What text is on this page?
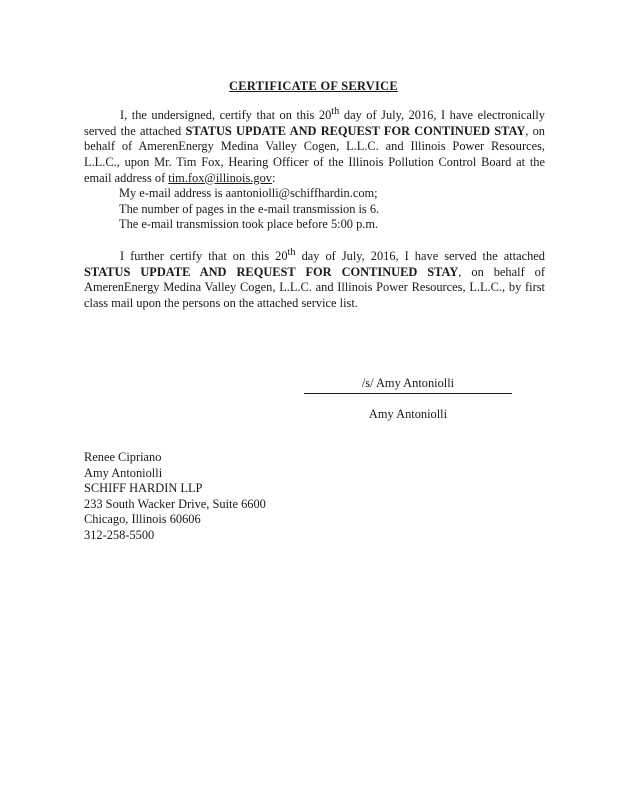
CERTIFICATE OF SERVICE

I, the undersigned, certify that on this 20th day of July, 2016, I have electronically served the attached STATUS UPDATE AND REQUEST FOR CONTINUED STAY, on behalf of AmerenEnergy Medina Valley Cogen, L.L.C. and Illinois Power Resources, L.L.C., upon Mr. Tim Fox, Hearing Officer of the Illinois Pollution Control Board at the email address of tim.fox@illinois.gov:

My e-mail address is aantoniolli@schiffhardin.com;
The number of pages in the e-mail transmission is 6.
The e-mail transmission took place before 5:00 p.m.

I further certify that on this 20th day of July, 2016, I have served the attached STATUS UPDATE AND REQUEST FOR CONTINUED STAY, on behalf of AmerenEnergy Medina Valley Cogen, L.L.C. and Illinois Power Resources, L.L.C., by first class mail upon the persons on the attached service list.

/s/ Amy Antoniolli
Amy Antoniolli
Renee Cipriano
Amy Antoniolli
SCHIFF HARDIN LLP
233 South Wacker Drive, Suite 6600
Chicago, Illinois 60606
312-258-5500
